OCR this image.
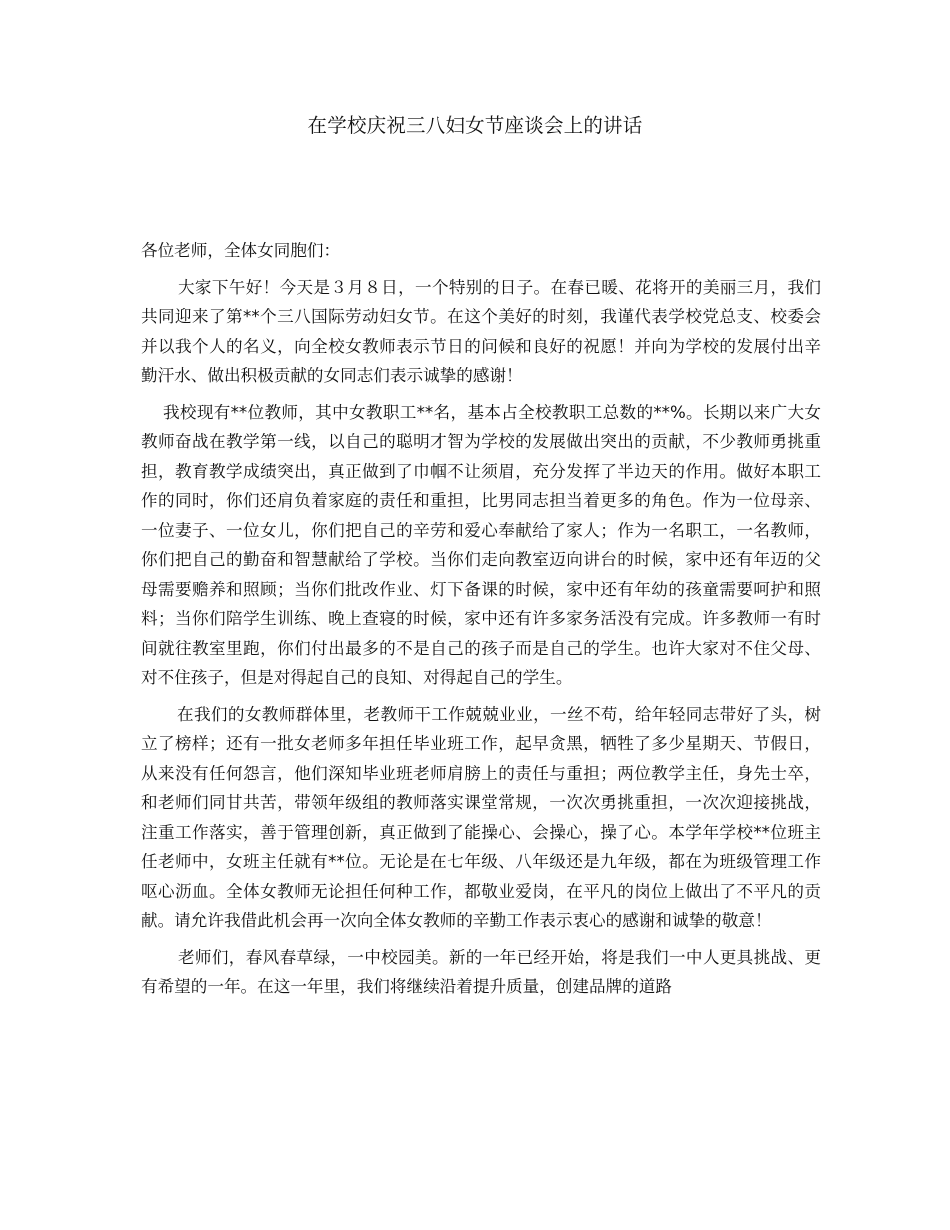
在学校庆祝三八妇女节座谈会上的讲话

各位老师，全体女同胞们：

大家下午好！今天是３月８日，一个特别的日子。在春已暖、花将开的美丽三月，我们共同迎来了第**个三八国际劳动妇女节。在这个美好的时刻，我谨代表学校党总支、校委会并以我个人的名义，向全校女教师表示节日的问候和良好的祝愿！并向为学校的发展付出辛勤汗水、做出积极贡献的女同志们表示诚挚的感谢！

我校现有**位教师，其中女教职工**名，基本占全校教职工总数的**%。长期以来广大女教师奋战在教学第一线，以自己的聪明才智为学校的发展做出突出的贡献，不少教师勇挑重担，教育教学成绩突出，真正做到了巾帼不让须眉，充分发挥了半边天的作用。做好本职工作的同时，你们还肩负着家庭的责任和重担，比男同志担当着更多的角色。作为一位母亲、一位妻子、一位女儿，你们把自己的辛劳和爱心奉献给了家人；作为一名职工，一名教师，你们把自己的勤奋和智慧献给了学校。当你们走向教室迈向讲台的时候，家中还有年迈的父母需要赡养和照顾；当你们批改作业、灯下备课的时候，家中还有年幼的孩童需要呵护和照料；当你们陪学生训练、晚上查寝的时候，家中还有许多家务活没有完成。许多教师一有时间就往教室里跑，你们付出最多的不是自己的孩子而是自己的学生。也许大家对不住父母、对不住孩子，但是对得起自己的良知、对得起自己的学生。

在我们的女教师群体里，老教师干工作兢兢业业，一丝不苟，给年轻同志带好了头，树立了榜样；还有一批女老师多年担任毕业班工作，起早贪黑，牺牲了多少星期天、节假日，从来没有任何怨言，他们深知毕业班老师肩膀上的责任与重担；两位教学主任，身先士卒，和老师们同甘共苦，带领年级组的教师落实课堂常规，一次次勇挑重担，一次次迎接挑战，注重工作落实，善于管理创新，真正做到了能操心、会操心，操了心。本学年学校**位班主任老师中，女班主任就有**位。无论是在七年级、八年级还是九年级，都在为班级管理工作呕心沥血。全体女教师无论担任何种工作，都敬业爱岗，在平凡的岗位上做出了不平凡的贡献。请允许我借此机会再一次向全体女教师的辛勤工作表示衷心的感谢和诚挚的敬意！

老师们，春风春草绿，一中校园美。新的一年已经开始，将是我们一中人更具挑战、更有希望的一年。在这一年里，我们将继续沿着提升质量，创建品牌的道路
